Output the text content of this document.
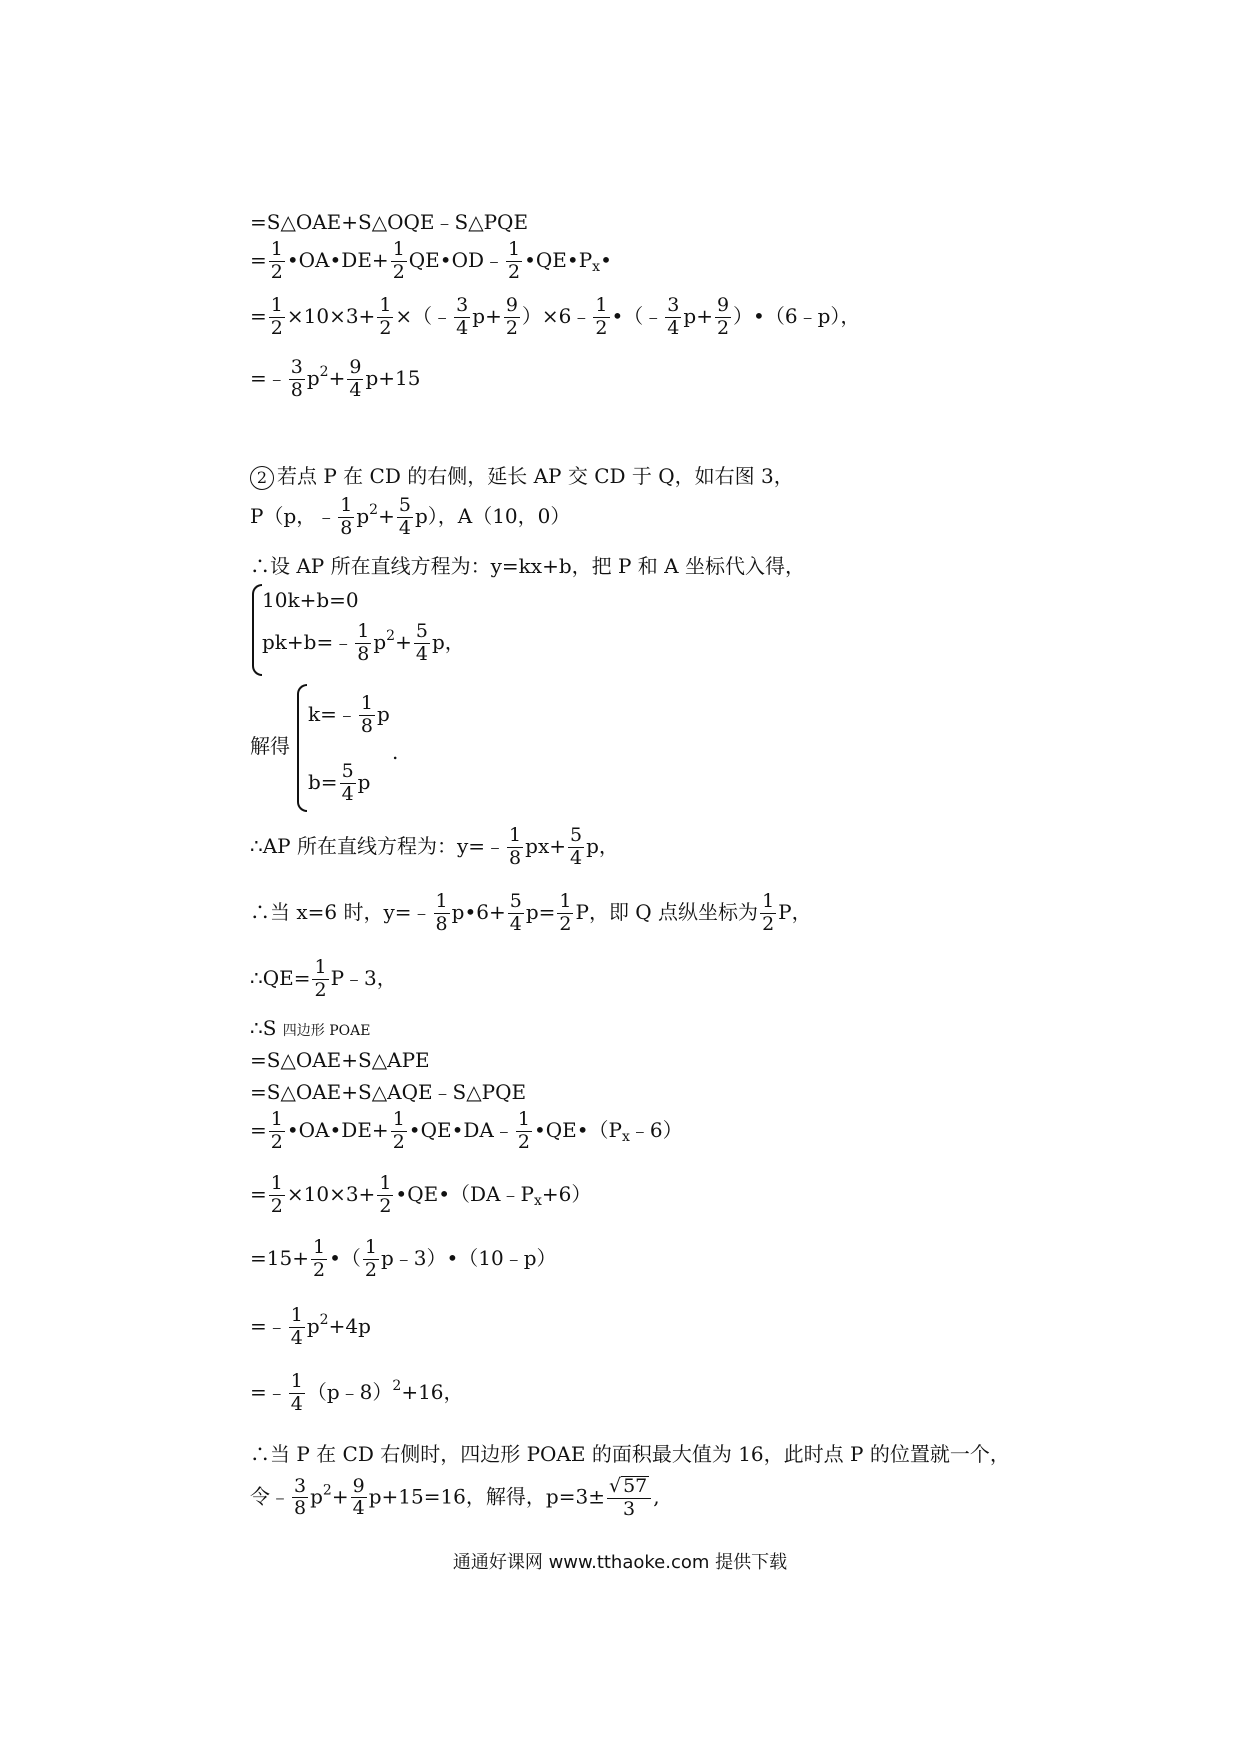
=S△OAE+S△OQE﹣S△PQE
= $\frac{1}{2}$ •OA•DE+ $\frac{1}{2}$ QE•OD﹣ $\frac{1}{2}$ $•QE•P_x•$
= $\frac{1}{2} \times 10\times 3+ \frac{1}{2}$ ×（﹣ $\frac{3}{4} p+ \frac{9}{2}$ ）×6﹣ $\frac{1}{2}$ •（﹣ $\frac{3}{4} p+ \frac{9}{2}$ ）•（6﹣p），
=﹣ $\frac{3}{8} p^2+ \frac{9}{4} p+15$
2 若点 P 在 CD 的右侧，延长 AP 交 CD 于 Q，如右图 3，
P（p，﹣ $\frac{1}{8} p^2+ \frac{5}{4} p$），A（10，0）
∴设 AP 所在直线方程为：y=kx+b，把 P 和 A 坐标代入得，
10k+b=0
pk+b=﹣ $\frac{1}{8} p^2+ \frac{5}{4}$ p，
解得
k=﹣ $\frac{1}{8}$ p
$b= \frac{5}{4}$ p
.
∴AP 所在直线方程为：y=﹣ $\frac{1}{8} px+ \frac{5}{4}$ p，
∴当 x=6 时，y=﹣ $\frac{1}{8}$ p•6+ $\frac{5}{4} p= \frac{1}{2}$ P，即 Q 点纵坐标为 $\frac{1}{2}$ P，
∴QE= $\frac{1}{2}$ P﹣3，
∴S 四边形 POAE
=S△OAE+S△APE
=S△OAE+S△AQE﹣S△PQE
= $\frac{1}{2}$ •OA•DE+ $\frac{1}{2}$ •QE•DA﹣ $\frac{1}{2}$ $•QE•(P_x﹣6)$
= $\frac{1}{2} \times 10\times 3+ \frac{1}{2}$ $•QE•(DA﹣P_x+6)$
$=15+ \frac{1}{2}$ •（ $\frac{1}{2}$ p﹣3）•（10﹣p）
=﹣ $\frac{1}{4} p^2+4p$
=﹣ $\frac{1}{4}$ （p﹣8）$^2$+16，
∴当 P 在 CD 右侧时，四边形 POAE 的面积最大值为 16，此时点 P 的位置就一个，
令﹣ $\frac{3}{8} p^2+ \frac{9}{4} p+15=16$，解得，$p=3\pm \frac{√ 57}{3}$ ,
通通好课网 www.tthaoke.com 提供下载
